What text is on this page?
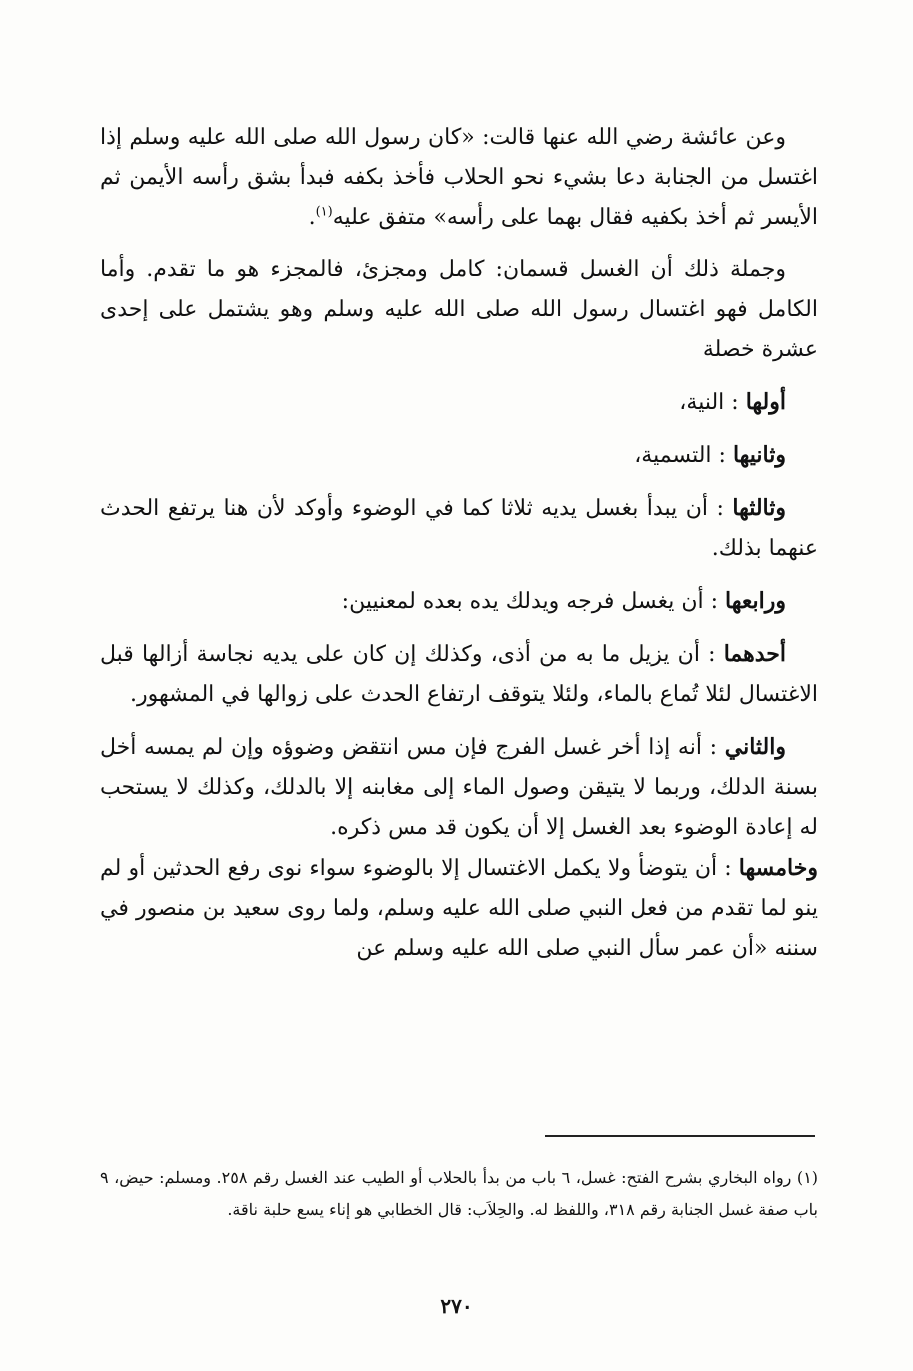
وعن عائشة رضي الله عنها قالت: «كان رسول الله صلى الله عليه وسلم إذا اغتسل من الجنابة دعا بشيء نحو الحلاب فأخذ بكفه فبدأ بشق رأسه الأيمن ثم الأيسر ثم أخذ بكفيه فقال بهما على رأسه» متفق عليه$^{(١)}$.

وجملة ذلك أن الغسل قسمان: كامل ومجزئ، فالمجزء هو ما تقدم. وأما الكامل فهو اغتسال رسول الله صلى الله عليه وسلم وهو يشتمل على إحدى عشرة خصلة

أولها : النية،

وثانيها : التسمية،

وثالثها : أن يبدأ بغسل يديه ثلاثا كما في الوضوء وأوكد لأن هنا يرتفع الحدث عنهما بذلك.

ورابعها : أن يغسل فرجه ويدلك يده بعده لمعنيين:

أحدهما : أن يزيل ما به من أذى، وكذلك إن كان على يديه نجاسة أزالها قبل الاغتسال لئلا تُماع بالماء، ولئلا يتوقف ارتفاع الحدث على زوالها في المشهور.

والثاني : أنه إذا أخر غسل الفرج فإن مس انتقض وضوؤه وإن لم يمسه أخل بسنة الدلك، وربما لا يتيقن وصول الماء إلى مغابنه إلا بالدلك، وكذلك لا يستحب له إعادة الوضوء بعد الغسل إلا أن يكون قد مس ذكره.

وخامسها : أن يتوضأ ولا يكمل الاغتسال إلا بالوضوء سواء نوى رفع الحدثين أو لم ينو لما تقدم من فعل النبي صلى الله عليه وسلم، ولما روى سعيد بن منصور في سننه «أن عمر سأل النبي صلى الله عليه وسلم عن

(١) رواه البخاري بشرح الفتح: غسل، ٦ باب من بدأ بالحلاب أو الطيب عند الغسل رقم ٢٥٨. ومسلم: حيض، ٩ باب صفة غسل الجنابة رقم ٣١٨، واللفظ له. والحِلاَب: قال الخطابي هو إناء يسع حلبة ناقة.
٢٧٠
